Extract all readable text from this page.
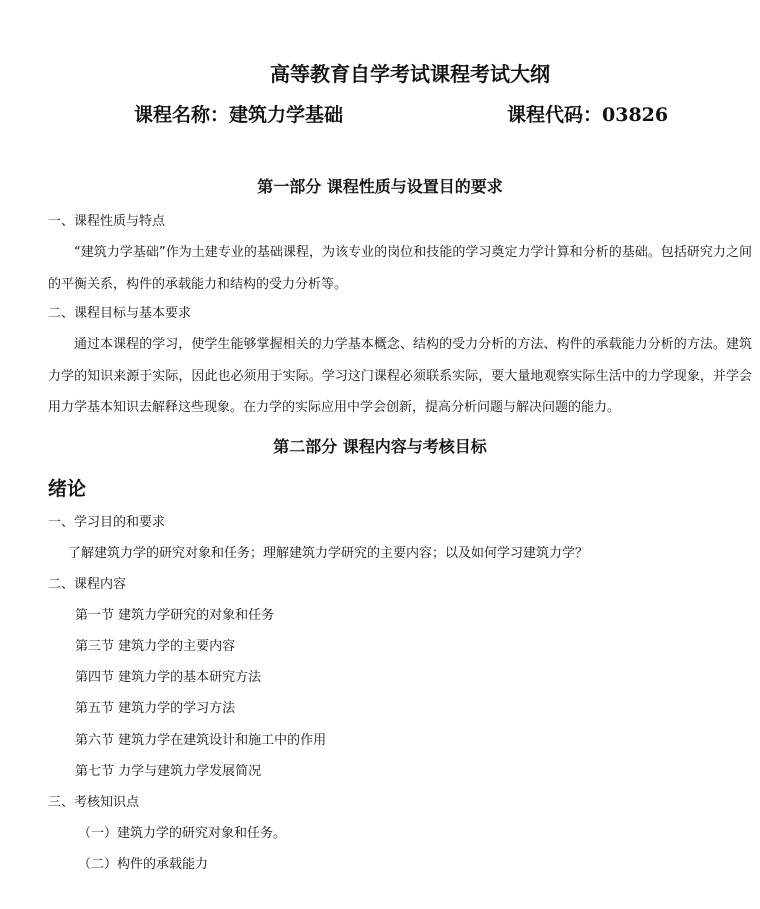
高等教育自学考试课程考试大纲
课程名称：建筑力学基础	课程代码：03826
第一部分 课程性质与设置目的要求
一、课程性质与特点
“建筑力学基础”作为土建专业的基础课程，为该专业的岗位和技能的学习奠定力学计算和分析的基础。包括研究力之间的平衡关系，构件的承载能力和结构的受力分析等。
二、课程目标与基本要求
通过本课程的学习，使学生能够掌握相关的力学基本概念、结构的受力分析的方法、构件的承载能力分析的方法。建筑力学的知识来源于实际，因此也必须用于实际。学习这门课程必须联系实际，要大量地观察实际生活中的力学现象，并学会用力学基本知识去解释这些现象。在力学的实际应用中学会创新，提高分析问题与解决问题的能力。
第二部分 课程内容与考核目标
绪论
一、学习目的和要求
了解建筑力学的研究对象和任务；理解建筑力学研究的主要内容；以及如何学习建筑力学？
二、课程内容
第一节 建筑力学研究的对象和任务
第三节 建筑力学的主要内容
第四节 建筑力学的基本研究方法
第五节 建筑力学的学习方法
第六节 建筑力学在建筑设计和施工中的作用
第七节 力学与建筑力学发展简况
三、考核知识点
（一）建筑力学的研究对象和任务。
（二）构件的承载能力
